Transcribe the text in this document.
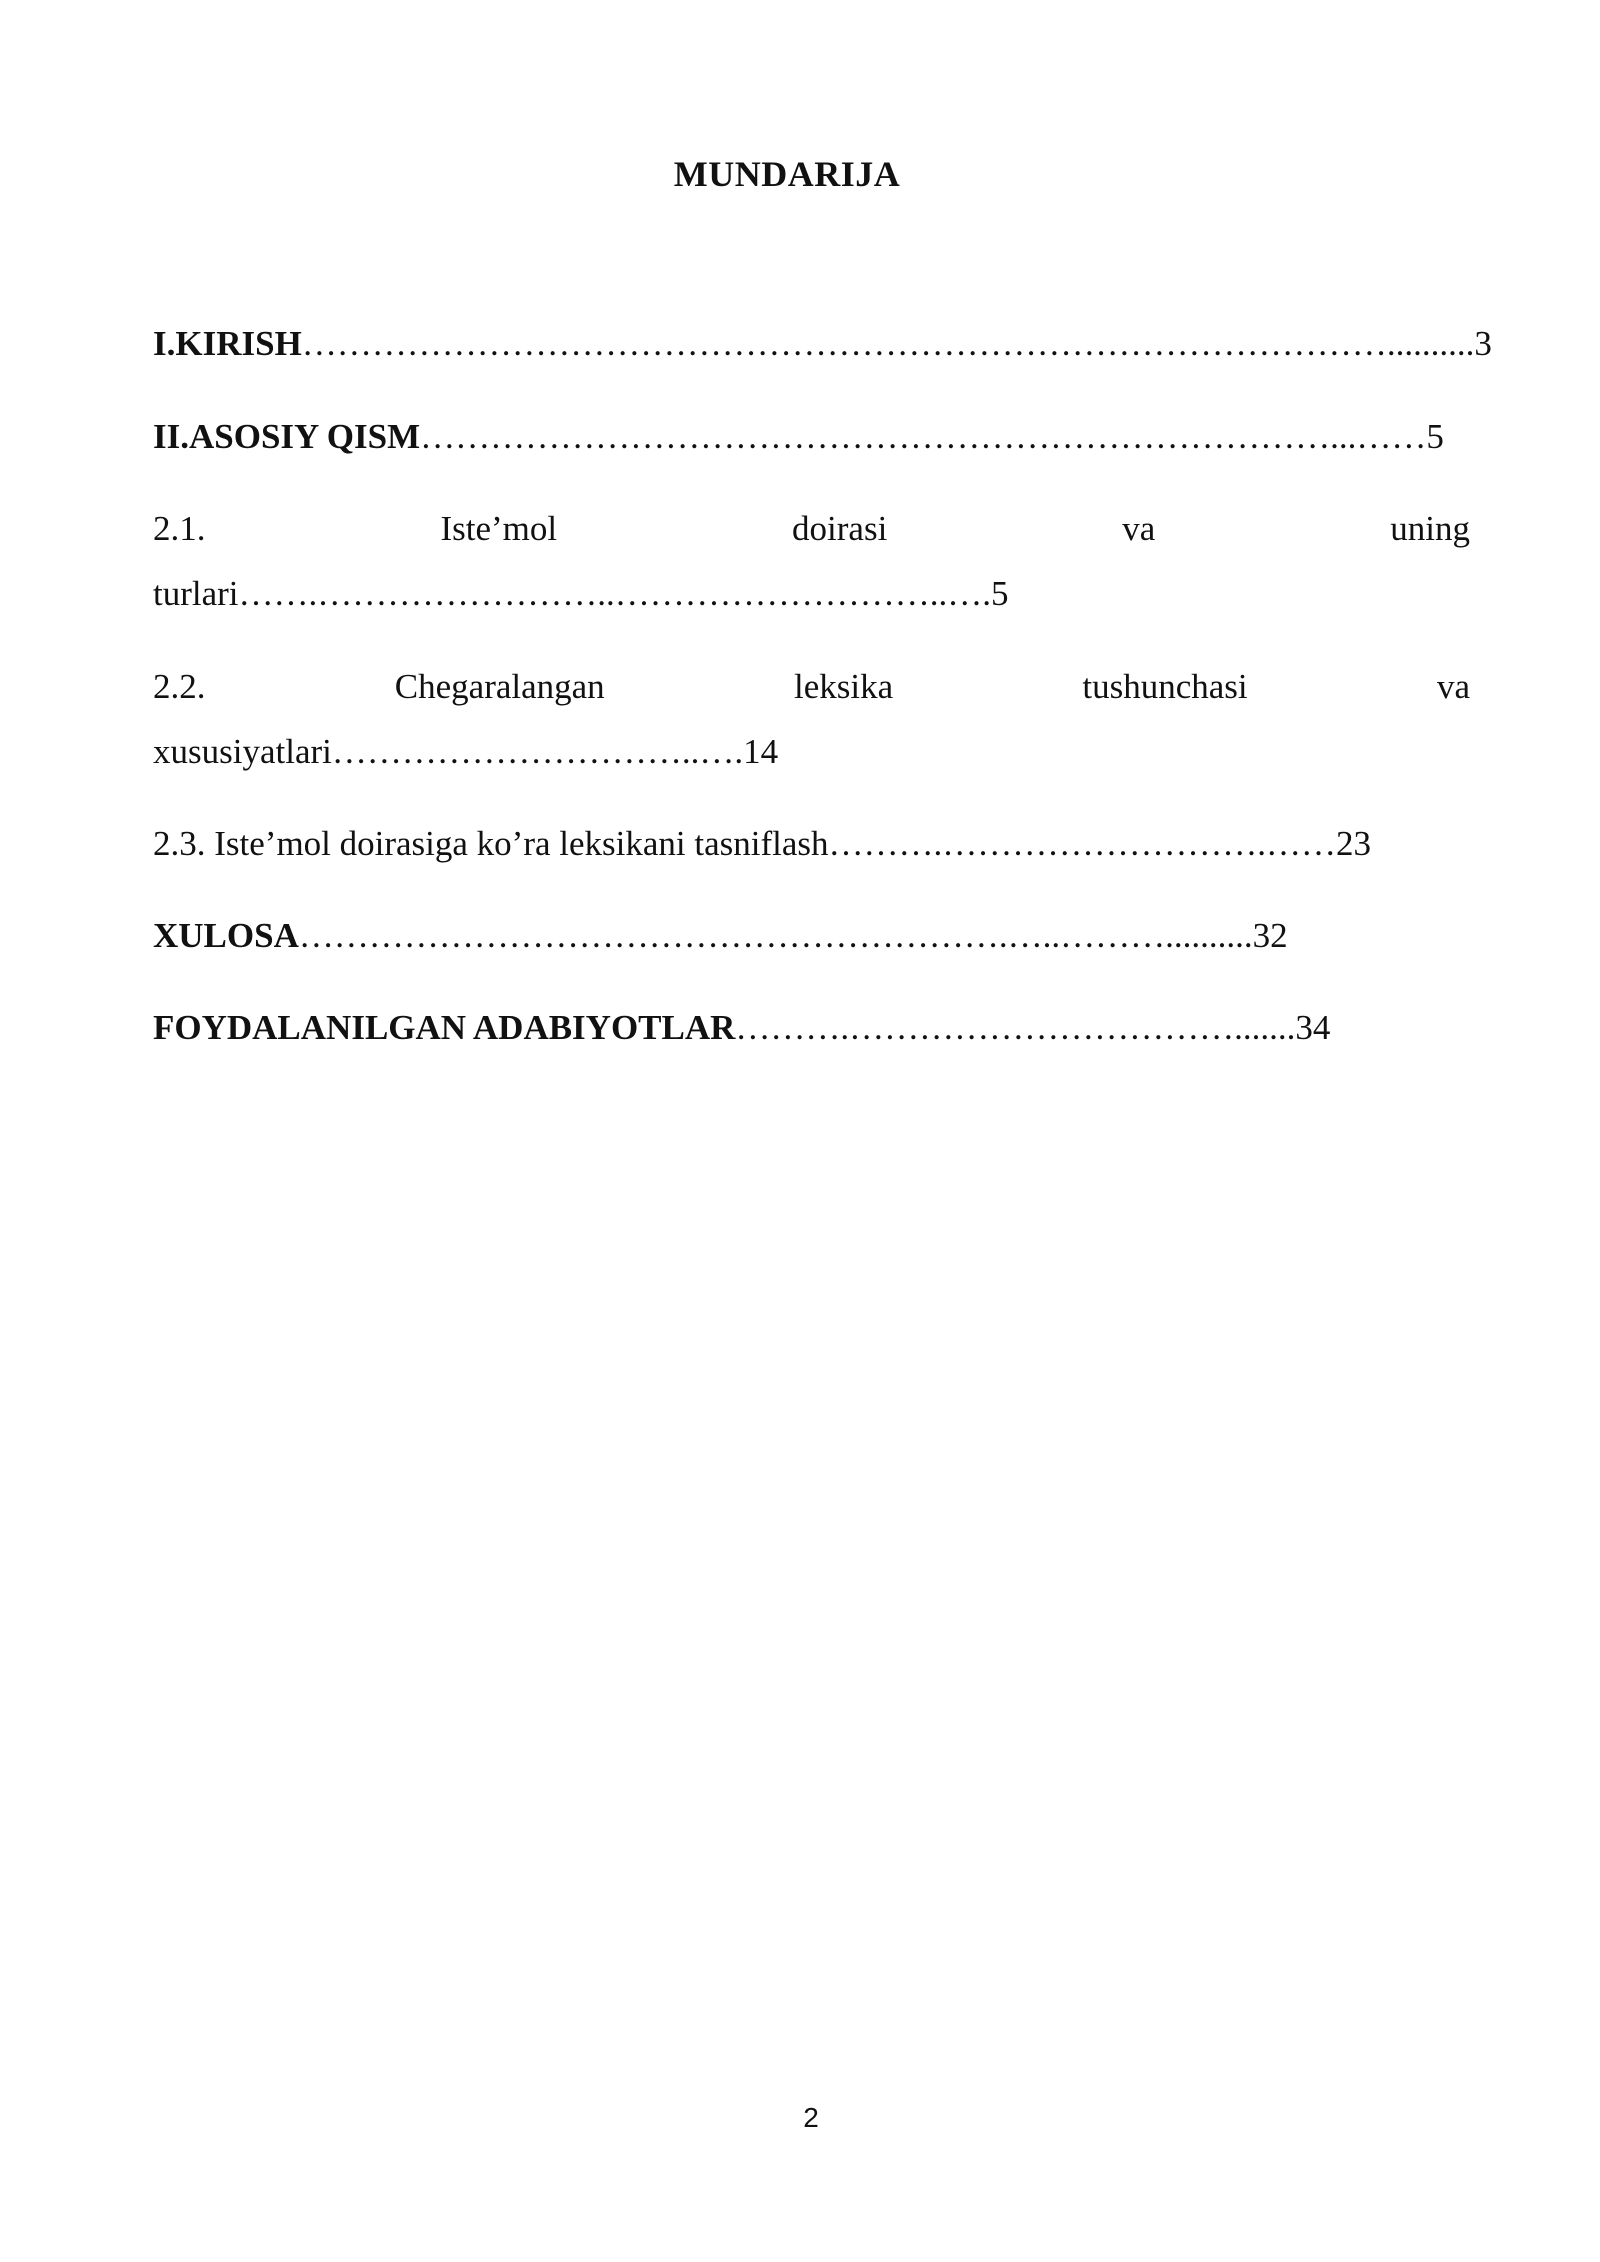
MUNDARIJA
I.KIRISH…………………………………………………………………………………..........3
II.ASOSIY QISM……………………………………………………………………...……5
2.1.	Iste’mol	doirasi	va	uning
turlari…….……………………..………………………..….5
2.2.	Chegaralangan	leksika	tushunchasi	va
xususiyatlari…………………………..….14
2.3. Iste’mol doirasiga ko’ra leksikani tasniflash……….……………………….……23
XULOSA…………………………………………………….…..………..........32
FOYDALANILGAN ADABIYOTLAR……….…………………………….......34
2
